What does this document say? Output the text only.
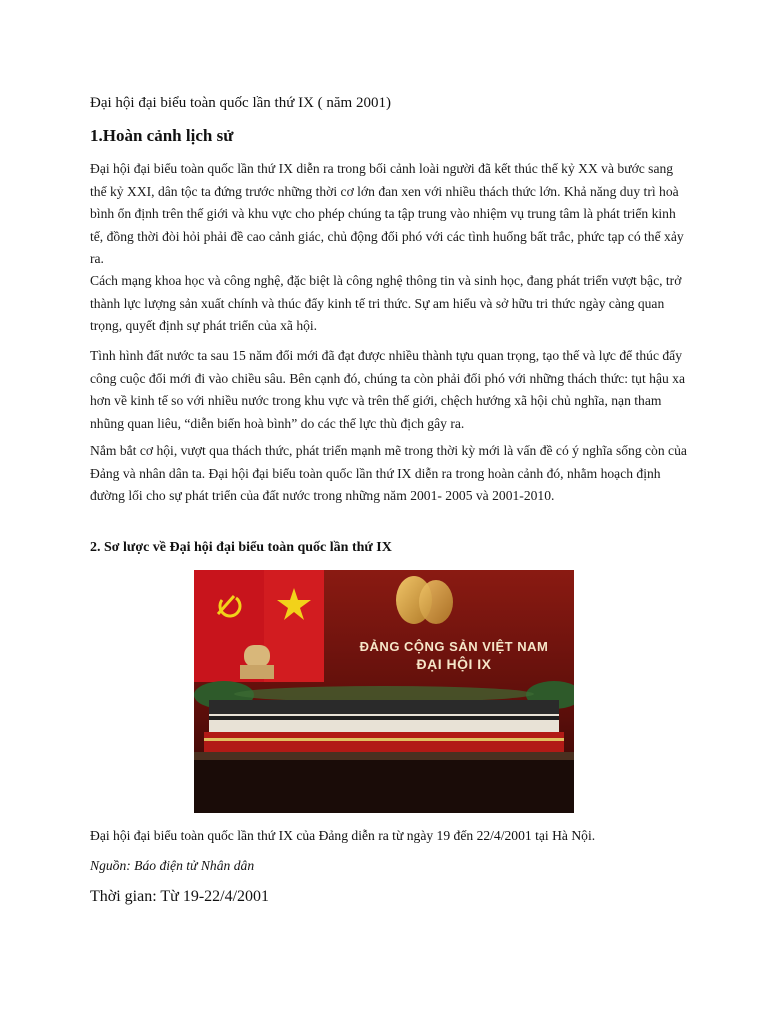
Đại hội đại biểu toàn quốc lần thứ IX ( năm 2001)

1.Hoàn cảnh lịch sử

Đại hội đại biểu toàn quốc lần thứ IX diễn ra trong bối cảnh loài người đã kết thúc thế kỷ XX và bước sang thế kỷ XXI, dân tộc ta đứng trước những thời cơ lớn đan xen với nhiều thách thức lớn. Khả năng duy trì hoà bình ổn định trên thế giới và khu vực cho phép chúng ta tập trung vào nhiệm vụ trung tâm là phát triển kinh tế, đồng thời đòi hỏi phải đề cao cảnh giác, chủ động đối phó với các tình huống bất trắc, phức tạp có thể xảy ra.

Cách mạng khoa học và công nghệ, đặc biệt là công nghệ thông tin và sinh học, đang phát triển vượt bậc, trở thành lực lượng sản xuất chính và thúc đẩy kinh tế tri thức. Sự am hiểu và sở hữu tri thức ngày càng quan trọng, quyết định sự phát triển của xã hội.

Tình hình đất nước ta sau 15 năm đổi mới đã đạt được nhiều thành tựu quan trọng, tạo thế và lực để thúc đẩy công cuộc đổi mới đi vào chiều sâu. Bên cạnh đó, chúng ta còn phải đối phó với những thách thức: tụt hậu xa hơn về kinh tế so với nhiều nước trong khu vực và trên thế giới, chệch hướng xã hội chủ nghĩa, nạn tham nhũng quan liêu, “diễn biến hoà bình” do các thế lực thù địch gây ra.

Nắm bắt cơ hội, vượt qua thách thức, phát triển mạnh mẽ trong thời kỳ mới là vấn đề có ý nghĩa sống còn của Đảng và nhân dân ta. Đại hội đại biểu toàn quốc lần thứ IX diễn ra trong hoàn cảnh đó, nhằm hoạch định đường lối cho sự phát triển của đất nước trong những năm 2001- 2005 và 2001-2010.

2. Sơ lược về Đại hội đại biểu toàn quốc lần thứ IX

ĐẢNG CỘNG SẢN VIỆT NAM
ĐẠI HỘI IX

Đại hội đại biểu toàn quốc lần thứ IX của Đảng diễn ra từ ngày 19 đến 22/4/2001 tại Hà Nội.

Nguồn: Báo điện tử Nhân dân

Thời gian: Từ 19-22/4/2001
